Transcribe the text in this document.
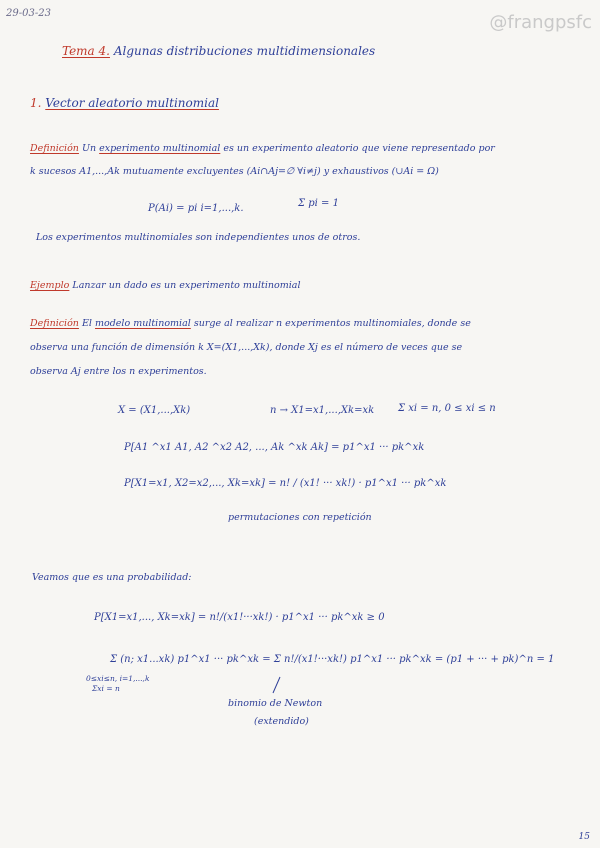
29-03-23	@frangpsfc
Tema 4. Algunas distribuciones multidimensionales
1. Vector aleatorio multinomial
Definición Un experimento multinomial es un experimento aleatorio que viene representado por
k sucesos A1,...,Ak mutuamente excluyentes (Ai∩Aj=∅ ∀i≠j) y exhaustivos (∪Ai = Ω)
P(Ai) = pi i=1,...,k.	Σ pi = 1
Los experimentos multinomiales son independientes unos de otros.
Ejemplo Lanzar un dado es un experimento multinomial
Definición El modelo multinomial surge al realizar n experimentos multinomiales, donde se
observa una función de dimensión k X=(X1,...,Xk), donde Xj es el número de veces que se
observa Aj entre los n experimentos.
X = (X1,...,Xk)	n → X1=x1,...,Xk=xk Σ xi = n, 0 ≤ xi ≤ n
P[A1 ^x1 A1, A2 ^x2 A2, ..., Ak ^xk Ak] = p1^x1 ··· pk^xk
P[X1=x1, X2=x2,..., Xk=xk] = n! / (x1! ··· xk!) · p1^x1 ··· pk^xk
permutaciones con repetición
Veamos que es una probabilidad:
P[X1=x1,..., Xk=xk] = n!/(x1!···xk!) · p1^x1 ··· pk^xk ≥ 0
Σ (n; x1...xk) p1^x1 ··· pk^xk = Σ n!/(x1!···xk!) p1^x1 ··· pk^xk = (p1 + ··· + pk)^n = 1
0≤xi≤n, i=1,...,k
Σxi = n
binomio de Newton
(extendido)
15
